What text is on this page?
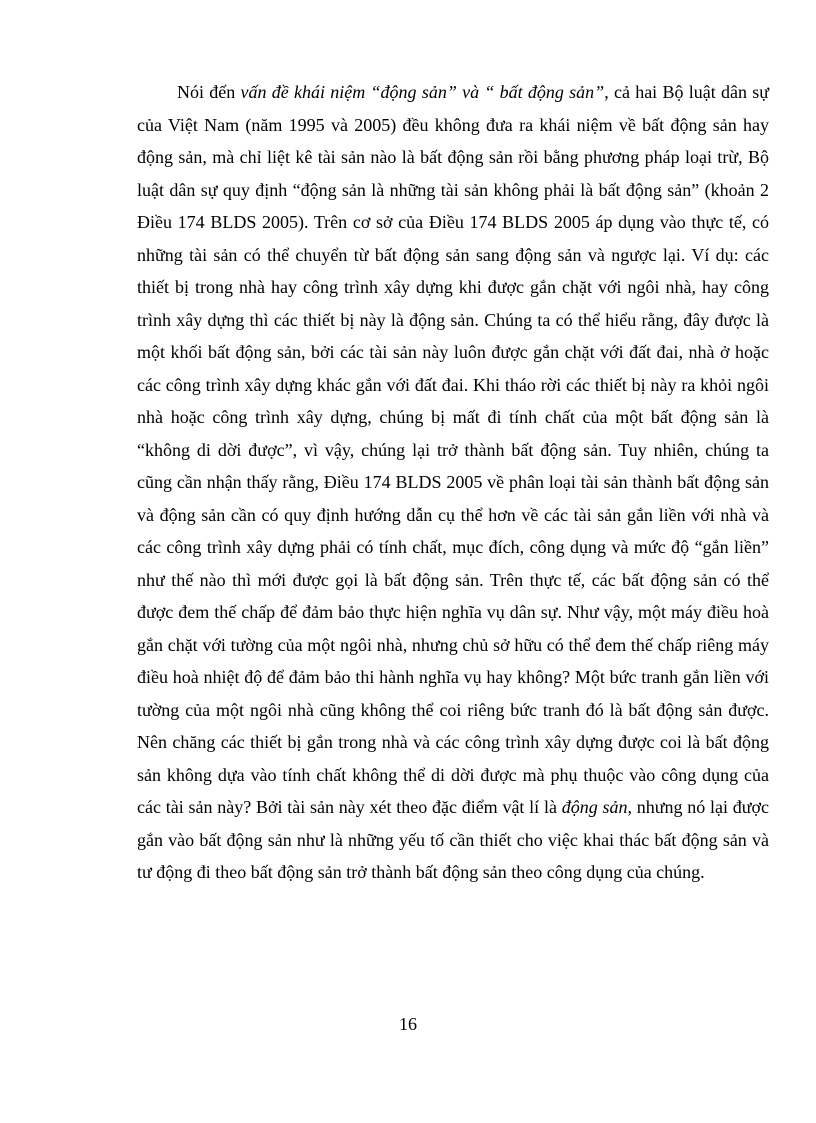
Nói đến vấn đề khái niệm “động sản” và “ bất động sản”, cả hai Bộ luật dân sự của Việt Nam (năm 1995 và 2005) đều không đưa ra khái niệm về bất động sản hay động sản, mà chỉ liệt kê tài sản nào là bất động sản rồi bằng phương pháp loại trừ, Bộ luật dân sự quy định “động sản là những tài sản không phải là bất động sản” (khoản 2 Điều 174 BLDS 2005). Trên cơ sở của Điều 174 BLDS 2005 áp dụng vào thực tế, có những tài sản có thể chuyển từ bất động sản sang động sản và ngược lại. Ví dụ: các thiết bị trong nhà hay công trình xây dựng khi được gắn chặt với ngôi nhà, hay công trình xây dựng thì các thiết bị này là động sản. Chúng ta có thể hiểu rằng, đây được là một khối bất động sản, bởi các tài sản này luôn được gắn chặt với đất đai, nhà ở hoặc các công trình xây dựng khác gắn với đất đai. Khi tháo rời các thiết bị này ra khỏi ngôi nhà hoặc công trình xây dựng, chúng bị mất đi tính chất của một bất động sản là “không di dời được”, vì vậy, chúng lại trở thành bất động sản. Tuy nhiên, chúng ta cũng cần nhận thấy rằng, Điều 174 BLDS 2005 về phân loại tài sản thành bất động sản và động sản cần có quy định hướng dẫn cụ thể hơn về các tài sản gắn liền với nhà và các công trình xây dựng phải có tính chất, mục đích, công dụng và mức độ “gắn liền” như thế nào thì mới được gọi là bất động sản. Trên thực tế, các bất động sản có thể được đem thế chấp để đảm bảo thực hiện nghĩa vụ dân sự. Như vậy, một máy điều hoà gắn chặt với tường của một ngôi nhà, nhưng chủ sở hữu có thể đem thế chấp riêng máy điều hoà nhiệt độ để đảm bảo thi hành nghĩa vụ hay không? Một bức tranh gắn liền với tường của một ngôi nhà cũng không thể coi riêng bức tranh đó là bất động sản được. Nên chăng các thiết bị gắn trong nhà và các công trình xây dựng được coi là bất động sản không dựa vào tính chất không thể di dời được mà phụ thuộc vào công dụng của các tài sản này? Bởi tài sản này xét theo đặc điểm vật lí là động sản, nhưng nó lại được gắn vào bất động sản như là những yếu tố cần thiết cho việc khai thác bất động sản và tư động đi theo bất động sản trở thành bất động sản theo công dụng của chúng.

16
